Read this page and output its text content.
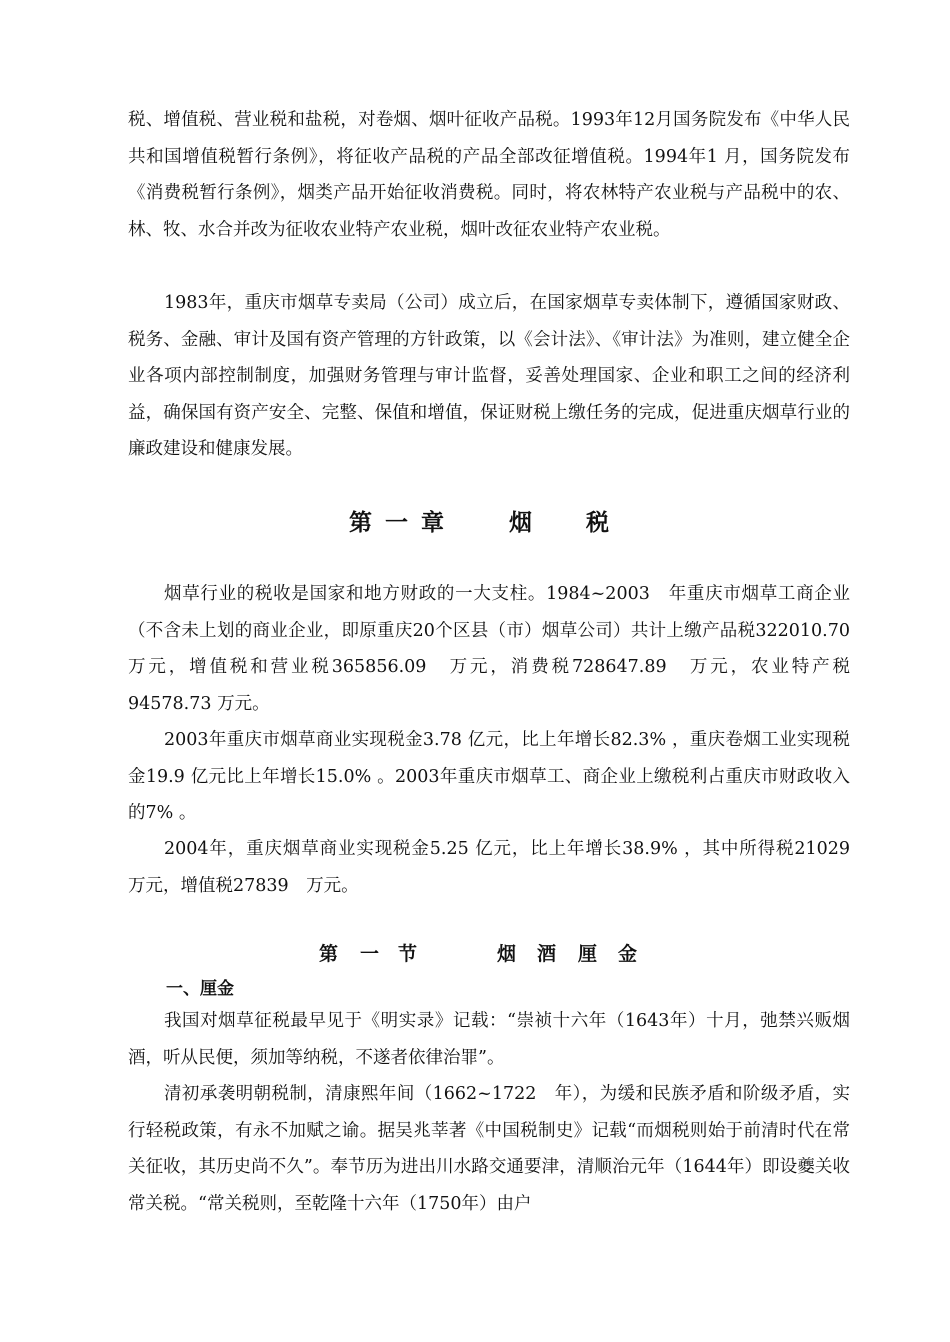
税、增值税、营业税和盐税，对卷烟、烟叶征收产品税。1993年12月国务院发布《中华人民共和国增值税暂行条例》，将征收产品税的产品全部改征增值税。1994年1 月，国务院发布《消费税暂行条例》，烟类产品开始征收消费税。同时，将农林特产农业税与产品税中的农、林、牧、水合并改为征收农业特产农业税，烟叶改征农业特产农业税。

1983年，重庆市烟草专卖局（公司）成立后，在国家烟草专卖体制下，遵循国家财政、税务、金融、审计及国有资产管理的方针政策，以《会计法》、《审计法》为准则，建立健全企业各项内部控制制度，加强财务管理与审计监督，妥善处理国家、企业和职工之间的经济利益，确保国有资产安全、完整、保值和增值，保证财税上缴任务的完成，促进重庆烟草行业的廉政建设和健康发展。

第 一 章	烟 税

烟草行业的税收是国家和地方财政的一大支柱。1984~2003　年重庆市烟草工商企业（不含未上划的商业企业，即原重庆20个区县（市）烟草公司）共计上缴产品税322010.70　万元，增值税和营业税365856.09　万元，消费税728647.89　万元，农业特产税94578.73 万元。

2003年重庆市烟草商业实现税金3.78 亿元，比上年增长82.3% ，重庆卷烟工业实现税金19.9 亿元比上年增长15.0% 。2003年重庆市烟草工、商企业上缴税利占重庆市财政收入的7% 。

2004年，重庆烟草商业实现税金5.25 亿元，比上年增长38.9% ，其中所得税21029　万元，增值税27839　万元。

第 一 节	烟 酒 厘 金
一、厘金

我国对烟草征税最早见于《明实录》记载：“崇祯十六年（1643年）十月，弛禁兴贩烟酒，听从民便，须加等纳税，不遂者依律治罪”。

清初承袭明朝税制，清康熙年间（1662~1722　年），为缓和民族矛盾和阶级矛盾，实行轻税政策，有永不加赋之谕。据吴兆莘著《中国税制史》记载“而烟税则始于前清时代在常关征收，其历史尚不久”。奉节历为进出川水路交通要津，清顺治元年（1644年）即设夔关收常关税。“常关税则，至乾隆十六年（1750年）由户
